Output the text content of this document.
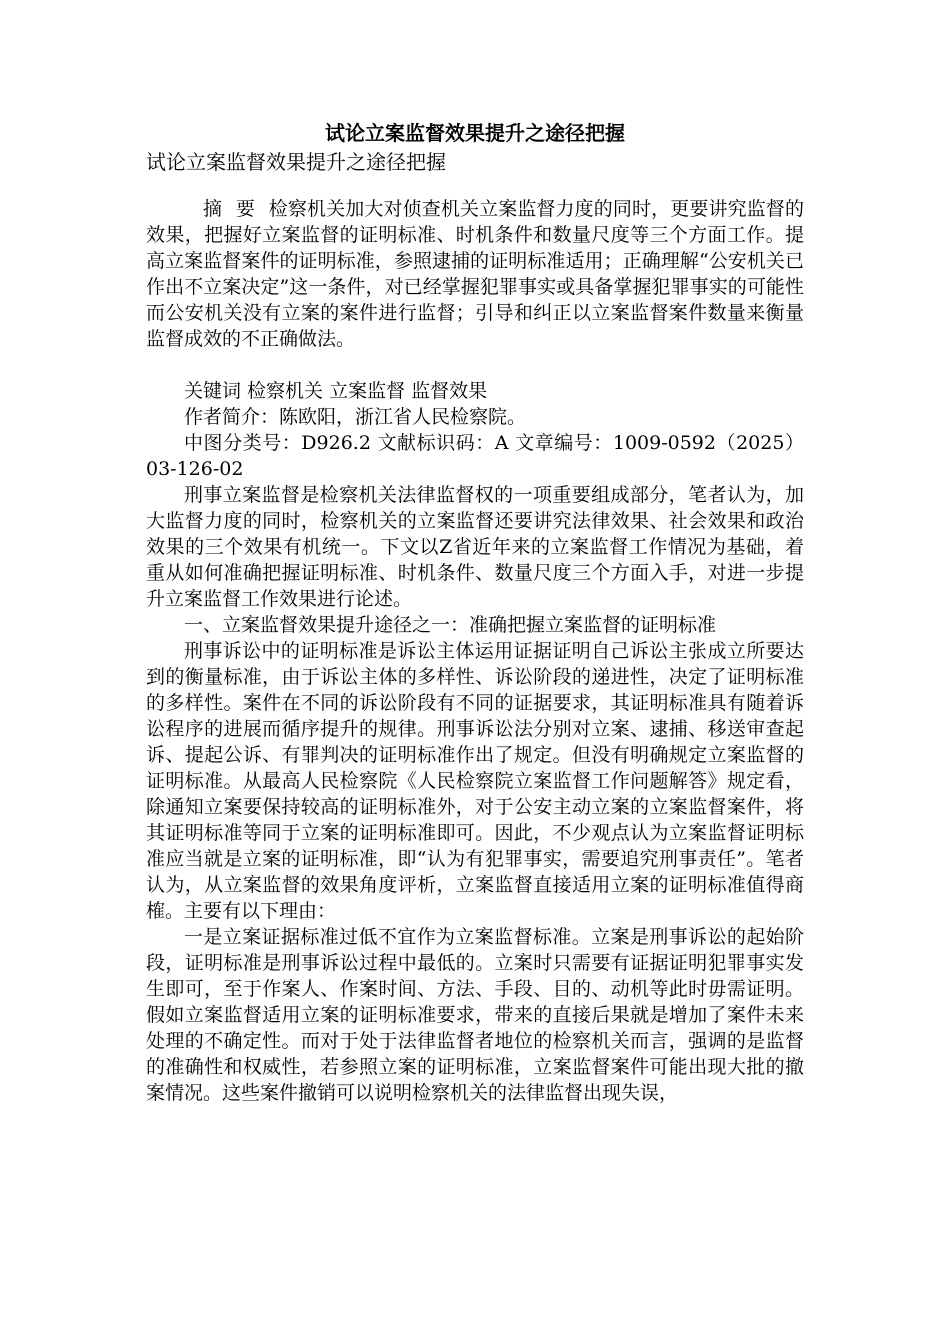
试论立案监督效果提升之途径把握

试论立案监督效果提升之途径把握

摘 要 检察机关加大对侦查机关立案监督力度的同时，更要讲究监督的效果，把握好立案监督的证明标准、时机条件和数量尺度等三个方面工作。提高立案监督案件的证明标准，参照逮捕的证明标准适用；正确理解“公安机关已作出不立案决定”这一条件，对已经掌握犯罪事实或具备掌握犯罪事实的可能性而公安机关没有立案的案件进行监督；引导和纠正以立案监督案件数量来衡量监督成效的不正确做法。

关键词 检察机关 立案监督 监督效果

作者简介：陈欧阳，浙江省人民检察院。

中图分类号：D926.2 文献标识码：A 文章编号：1009-0592（2025）03-126-02

刑事立案监督是检察机关法律监督权的一项重要组成部分，笔者认为，加大监督力度的同时，检察机关的立案监督还要讲究法律效果、社会效果和政治效果的三个效果有机统一。下文以Z省近年来的立案监督工作情况为基础，着重从如何准确把握证明标准、时机条件、数量尺度三个方面入手，对进一步提升立案监督工作效果进行论述。

一、立案监督效果提升途径之一：准确把握立案监督的证明标准

刑事诉讼中的证明标准是诉讼主体运用证据证明自己诉讼主张成立所要达到的衡量标准，由于诉讼主体的多样性、诉讼阶段的递进性，决定了证明标准的多样性。案件在不同的诉讼阶段有不同的证据要求，其证明标准具有随着诉讼程序的进展而循序提升的规律。刑事诉讼法分别对立案、逮捕、移送审查起诉、提起公诉、有罪判决的证明标准作出了规定。但没有明确规定立案监督的证明标准。从最高人民检察院《人民检察院立案监督工作问题解答》规定看，除通知立案要保持较高的证明标准外，对于公安主动立案的立案监督案件，将其证明标准等同于立案的证明标准即可。因此，不少观点认为立案监督证明标准应当就是立案的证明标准，即“认为有犯罪事实，需要追究刑事责任”。笔者认为，从立案监督的效果角度评析，立案监督直接适用立案的证明标准值得商榷。主要有以下理由：

一是立案证据标准过低不宜作为立案监督标准。立案是刑事诉讼的起始阶段，证明标准是刑事诉讼过程中最低的。立案时只需要有证据证明犯罪事实发生即可，至于作案人、作案时间、方法、手段、目的、动机等此时毋需证明。假如立案监督适用立案的证明标准要求，带来的直接后果就是增加了案件未来处理的不确定性。而对于处于法律监督者地位的检察机关而言，强调的是监督的准确性和权威性，若参照立案的证明标准，立案监督案件可能出现大批的撤案情况。这些案件撤销可以说明检察机关的法律监督出现失误，
